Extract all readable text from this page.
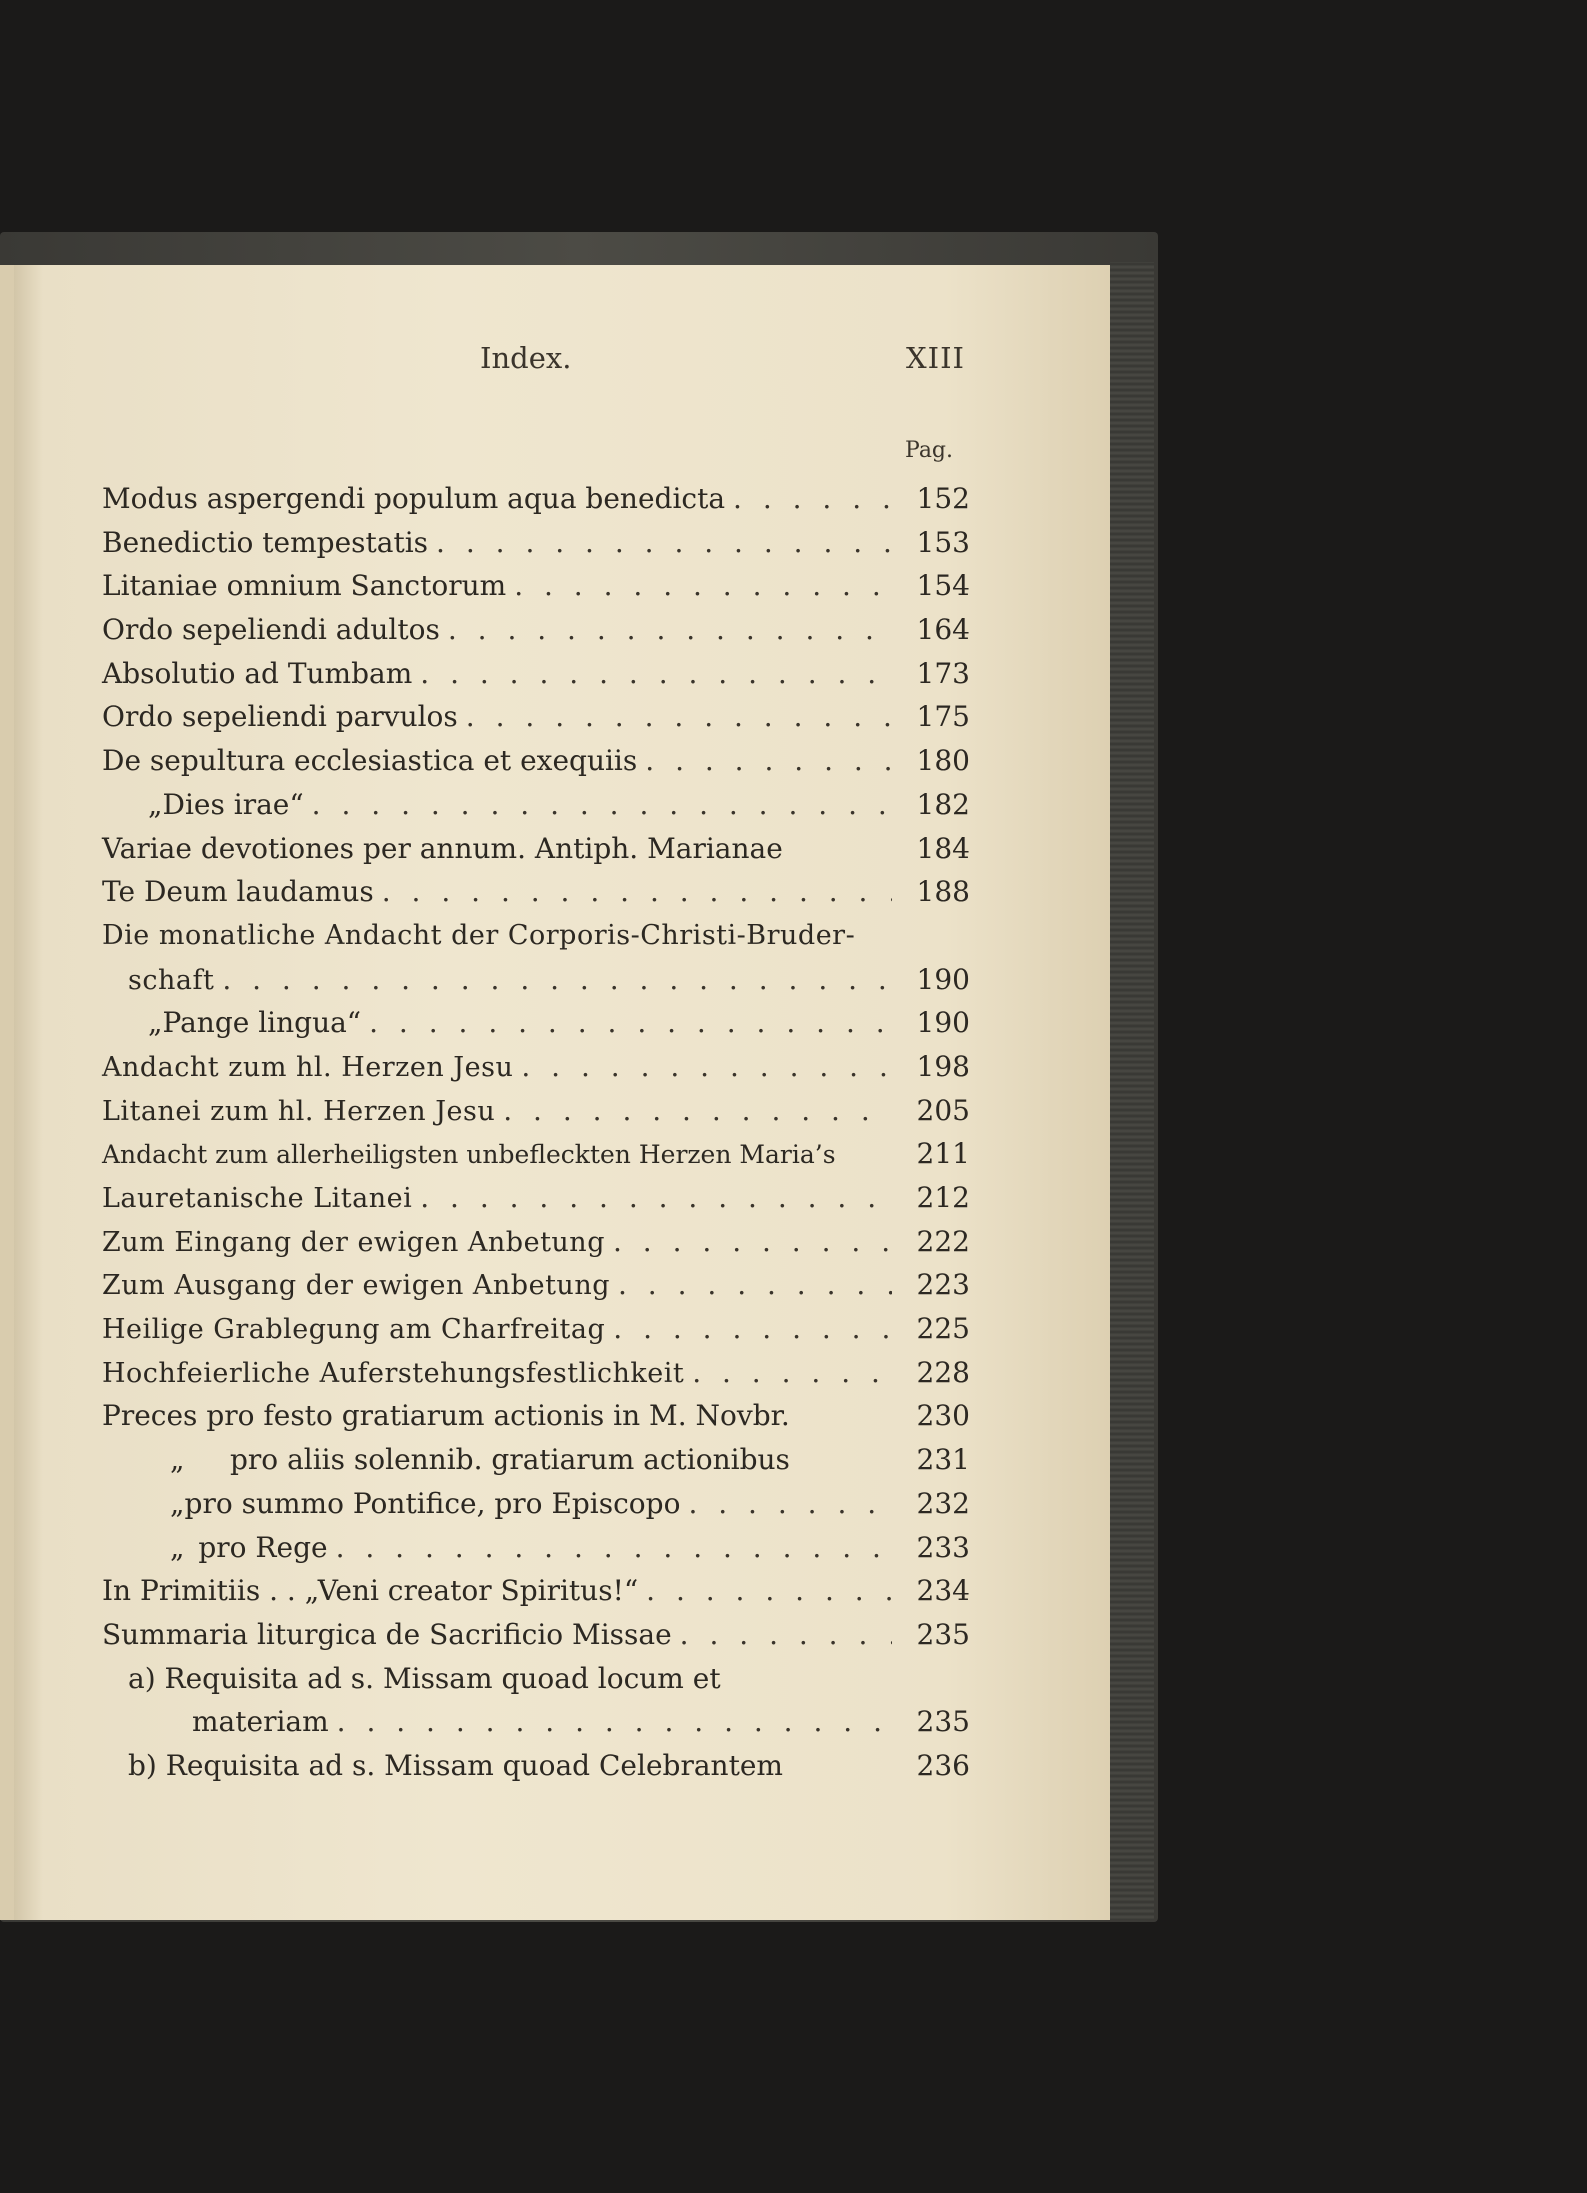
Index.	XIII
Pag.
Modus aspergendi populum aqua benedicta . . .	152
Benedictio tempestatis . . .	153
Litaniae omnium Sanctorum . . .	154
Ordo sepeliendi adultos . . .	164
Absolutio ad Tumbam . . .	173
Ordo sepeliendi parvulos . . .	175
De sepultura ecclesiastica et exequiis . . .	180
„Dies irae“ . . .	182
Variae devotiones per annum. Antiph. Marianae	184
Te Deum laudamus . . .	188
Die monatliche Andacht der Corporis-Christi-Bruder-
schaft . . .	190
„Pange lingua“ . . .	190
Andacht zum hl. Herzen Jesu . . .	198
Litanei zum hl. Herzen Jesu . . .	205
Andacht zum allerheiligsten unbefleckten Herzen Maria’s	211
Lauretanische Litanei . . .	212
Zum Eingang der ewigen Anbetung . . .	222
Zum Ausgang der ewigen Anbetung . . .	223
Heilige Grablegung am Charfreitag . . .	225
Hochfeierliche Auferstehungsfestlichkeit . . .	228
Preces pro festo gratiarum actionis in M. Novbr.	230
„	pro aliis solennib. gratiarum actionibus	231
„ pro summo Pontifice, pro Episcopo . . .	232
„ pro Rege . . .	233
In Primitiis . . „Veni creator Spiritus!“ . . .	234
Summaria liturgica de Sacrificio Missae . . .	235
a) Requisita ad s. Missam quoad locum et
materiam . . .	235
b) Requisita ad s. Missam quoad Celebrantem	236
